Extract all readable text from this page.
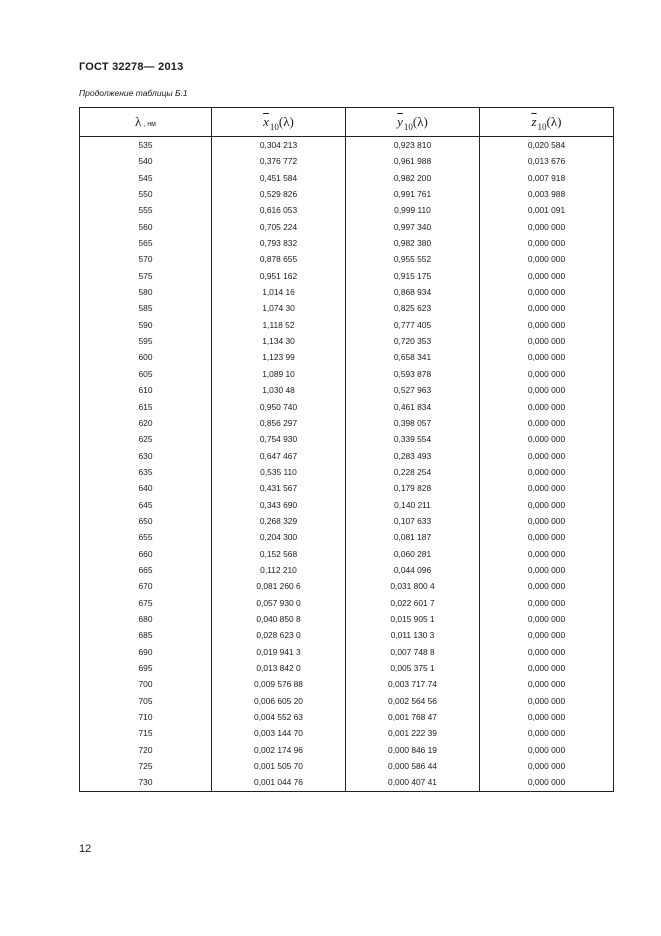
ГОСТ 32278— 2013
Продолжение таблицы Б.1
λ , нм	$\overline{x}_{10}(\lambda)$	$\overline{y}_{10}(\lambda)$	$\overline{z}_{10}(\lambda)$
535	0,304 213	0,923 810	0,020 584
540	0,376 772	0,961 988	0,013 676
545	0,451 584	0,982 200	0,007 918
550	0,529 826	0,991 761	0,003 988
555	0,616 053	0,999 110	0,001 091
560	0,705 224	0,997 340	0,000 000
565	0,793 832	0,982 380	0,000 000
570	0,878 655	0,955 552	0,000 000
575	0,951 162	0,915 175	0,000 000
580	1,014 16	0,868 934	0,000 000
585	1,074 30	0,825 623	0,000 000
590	1,118 52	0,777 405	0,000 000
595	1,134 30	0,720 353	0,000 000
600	1,123 99	0,658 341	0,000 000
605	1,089 10	0,593 878	0,000 000
610	1,030 48	0,527 963	0,000 000
615	0,950 740	0,461 834	0,000 000
620	0,856 297	0,398 057	0,000 000
625	0,754 930	0,339 554	0,000 000
630	0,647 467	0,283 493	0,000 000
635	0,535 110	0,228 254	0,000 000
640	0,431 567	0,179 828	0,000 000
645	0,343 690	0,140 211	0,000 000
650	0,268 329	0,107 633	0,000 000
655	0,204 300	0,081 187	0,000 000
660	0,152 568	0,060 281	0,000 000
665	0,112 210	0,044 096	0,000 000
670	0,081 260 6	0,031 800 4	0,000 000
675	0,057 930 0	0,022 601 7	0,000 000
680	0,040 850 8	0,015 905 1	0,000 000
685	0,028 623 0	0,011 130 3	0,000 000
690	0,019 941 3	0,007 748 8	0,000 000
695	0,013 842 0	0,005 375 1	0,000 000
700	0,009 576 88	0,003 717 74	0,000 000
705	0,006 605 20	0,002 564 56	0,000 000
710	0,004 552 63	0,001 768 47	0,000 000
715	0,003 144 70	0,001 222 39	0,000 000
720	0,002 174 96	0,000 846 19	0,000 000
725	0,001 505 70	0,000 586 44	0,000 000
730	0,001 044 76	0,000 407 41	0,000 000
12
